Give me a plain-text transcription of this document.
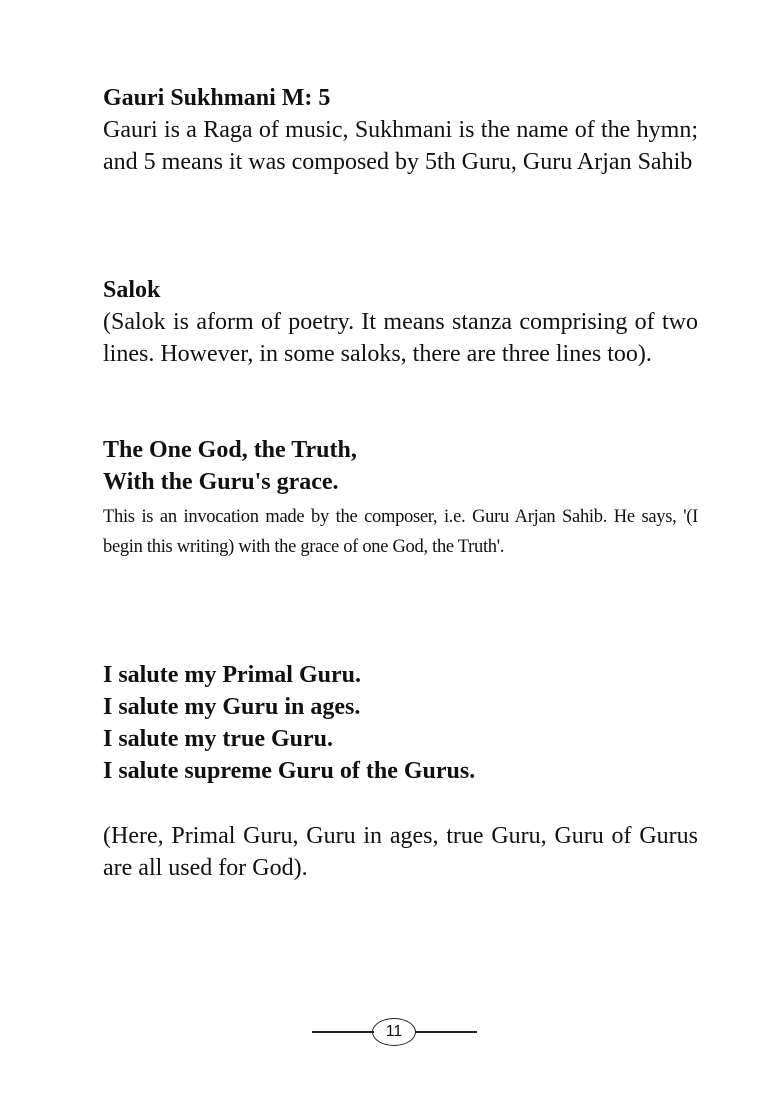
Gauri Sukhmani M: 5
Gauri is a Raga of music, Sukhmani is the name of the hymn; and 5 means it was composed by 5th Guru, Guru Arjan Sahib
Salok
(Salok is aform of poetry. It means stanza comprising of two lines. However, in some saloks, there are three lines too).
The One God, the Truth,
With the Guru's grace.
This is an invocation made by the composer, i.e. Guru Arjan Sahib. He says, '(I begin this writing) with the grace of one God, the Truth'.
I salute my Primal Guru.
I salute my Guru in ages.
I salute my true Guru.
I salute supreme Guru of the Gurus.
(Here, Primal Guru, Guru in ages, true Guru, Guru of Gurus are all used for God).
11
